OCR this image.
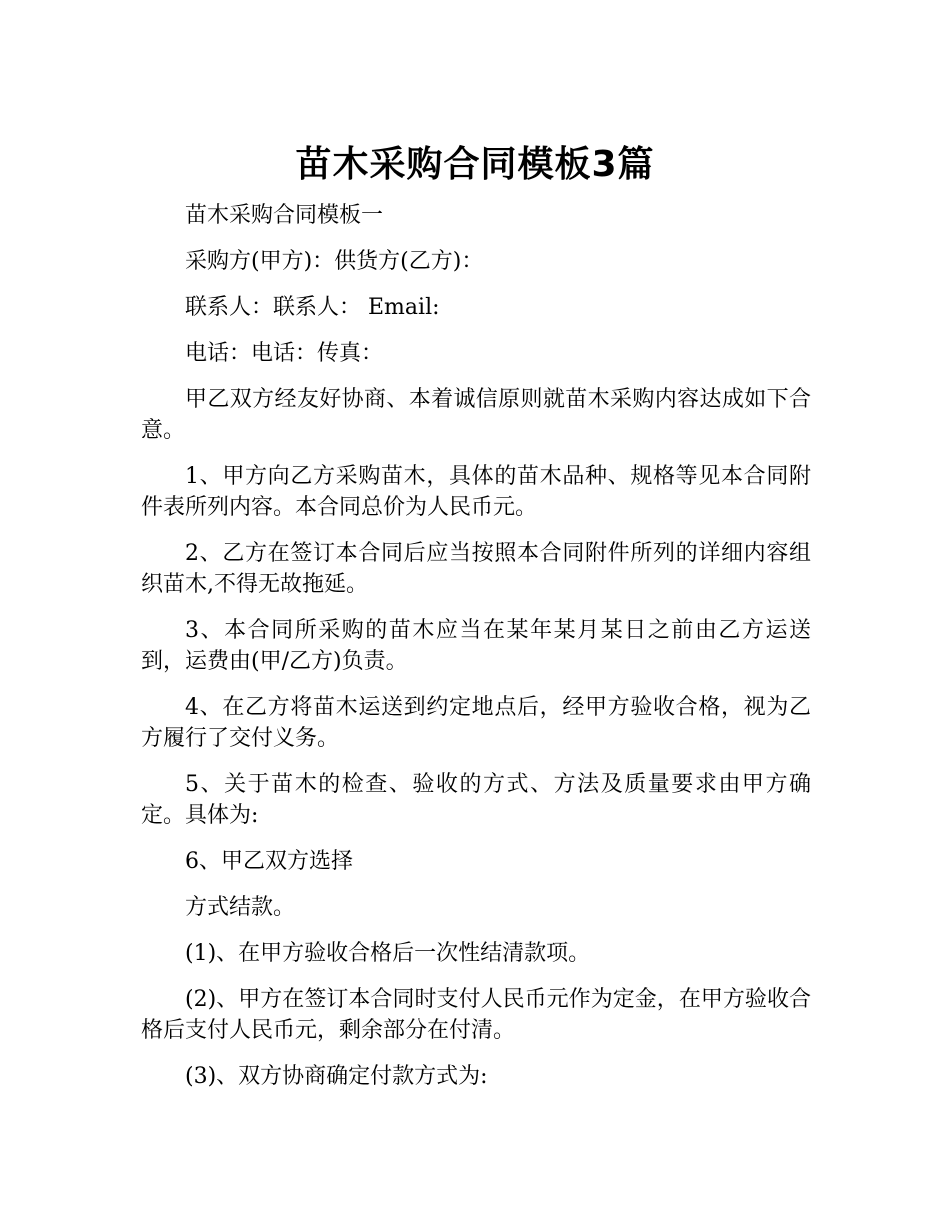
苗木采购合同模板3篇

苗木采购合同模板一

采购方(甲方)：供货方(乙方)：

联系人：联系人： Email:

电话：电话：传真：

甲乙双方经友好协商、本着诚信原则就苗木采购内容达成如下合意。

1、甲方向乙方采购苗木，具体的苗木品种、规格等见本合同附件表所列内容。本合同总价为人民币元。

2、乙方在签订本合同后应当按照本合同附件所列的详细内容组织苗木,不得无故拖延。

3、本合同所采购的苗木应当在某年某月某日之前由乙方运送到，运费由(甲/乙方)负责。

4、在乙方将苗木运送到约定地点后，经甲方验收合格，视为乙方履行了交付义务。

5、关于苗木的检查、验收的方式、方法及质量要求由甲方确定。具体为:

6、甲乙双方选择

方式结款。

(1)、在甲方验收合格后一次性结清款项。

(2)、甲方在签订本合同时支付人民币元作为定金，在甲方验收合格后支付人民币元，剩余部分在付清。

(3)、双方协商确定付款方式为:
